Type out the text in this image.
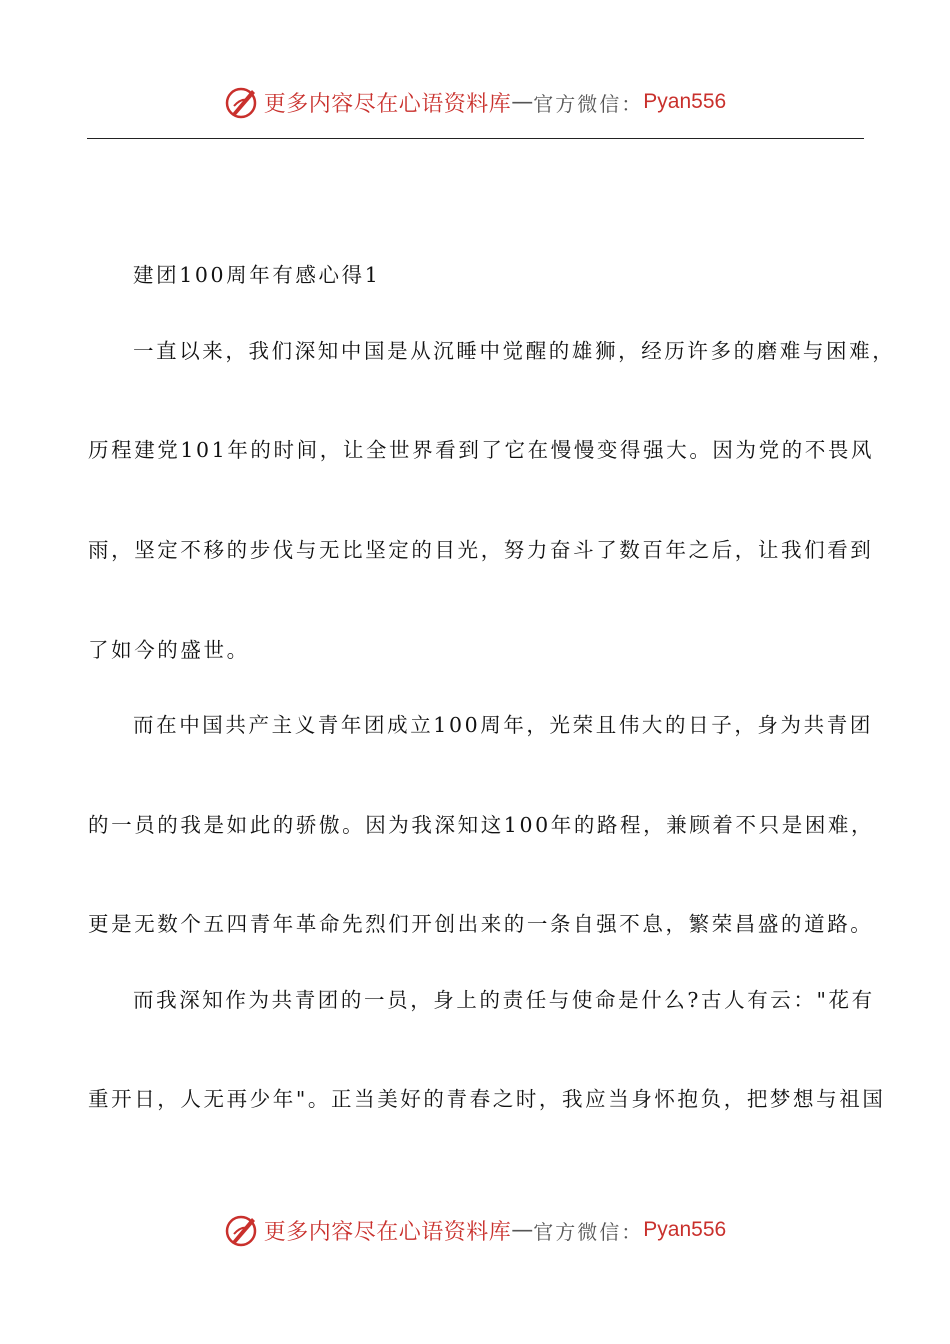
更多内容尽在心语资料库 — 官方微信： Pyan556
建团100周年有感心得1
一直以来，我们深知中国是从沉睡中觉醒的雄狮，经历许多的磨难与困难，
历程建党101年的时间，让全世界看到了它在慢慢变得强大。因为党的不畏风
雨，坚定不移的步伐与无比坚定的目光，努力奋斗了数百年之后，让我们看到
了如今的盛世。
而在中国共产主义青年团成立100周年，光荣且伟大的日子，身为共青团
的一员的我是如此的骄傲。因为我深知这100年的路程，兼顾着不只是困难，
更是无数个五四青年革命先烈们开创出来的一条自强不息，繁荣昌盛的道路。
而我深知作为共青团的一员，身上的责任与使命是什么?古人有云："花有
重开日，人无再少年"。正当美好的青春之时，我应当身怀抱负，把梦想与祖国
更多内容尽在心语资料库 — 官方微信： Pyan556
